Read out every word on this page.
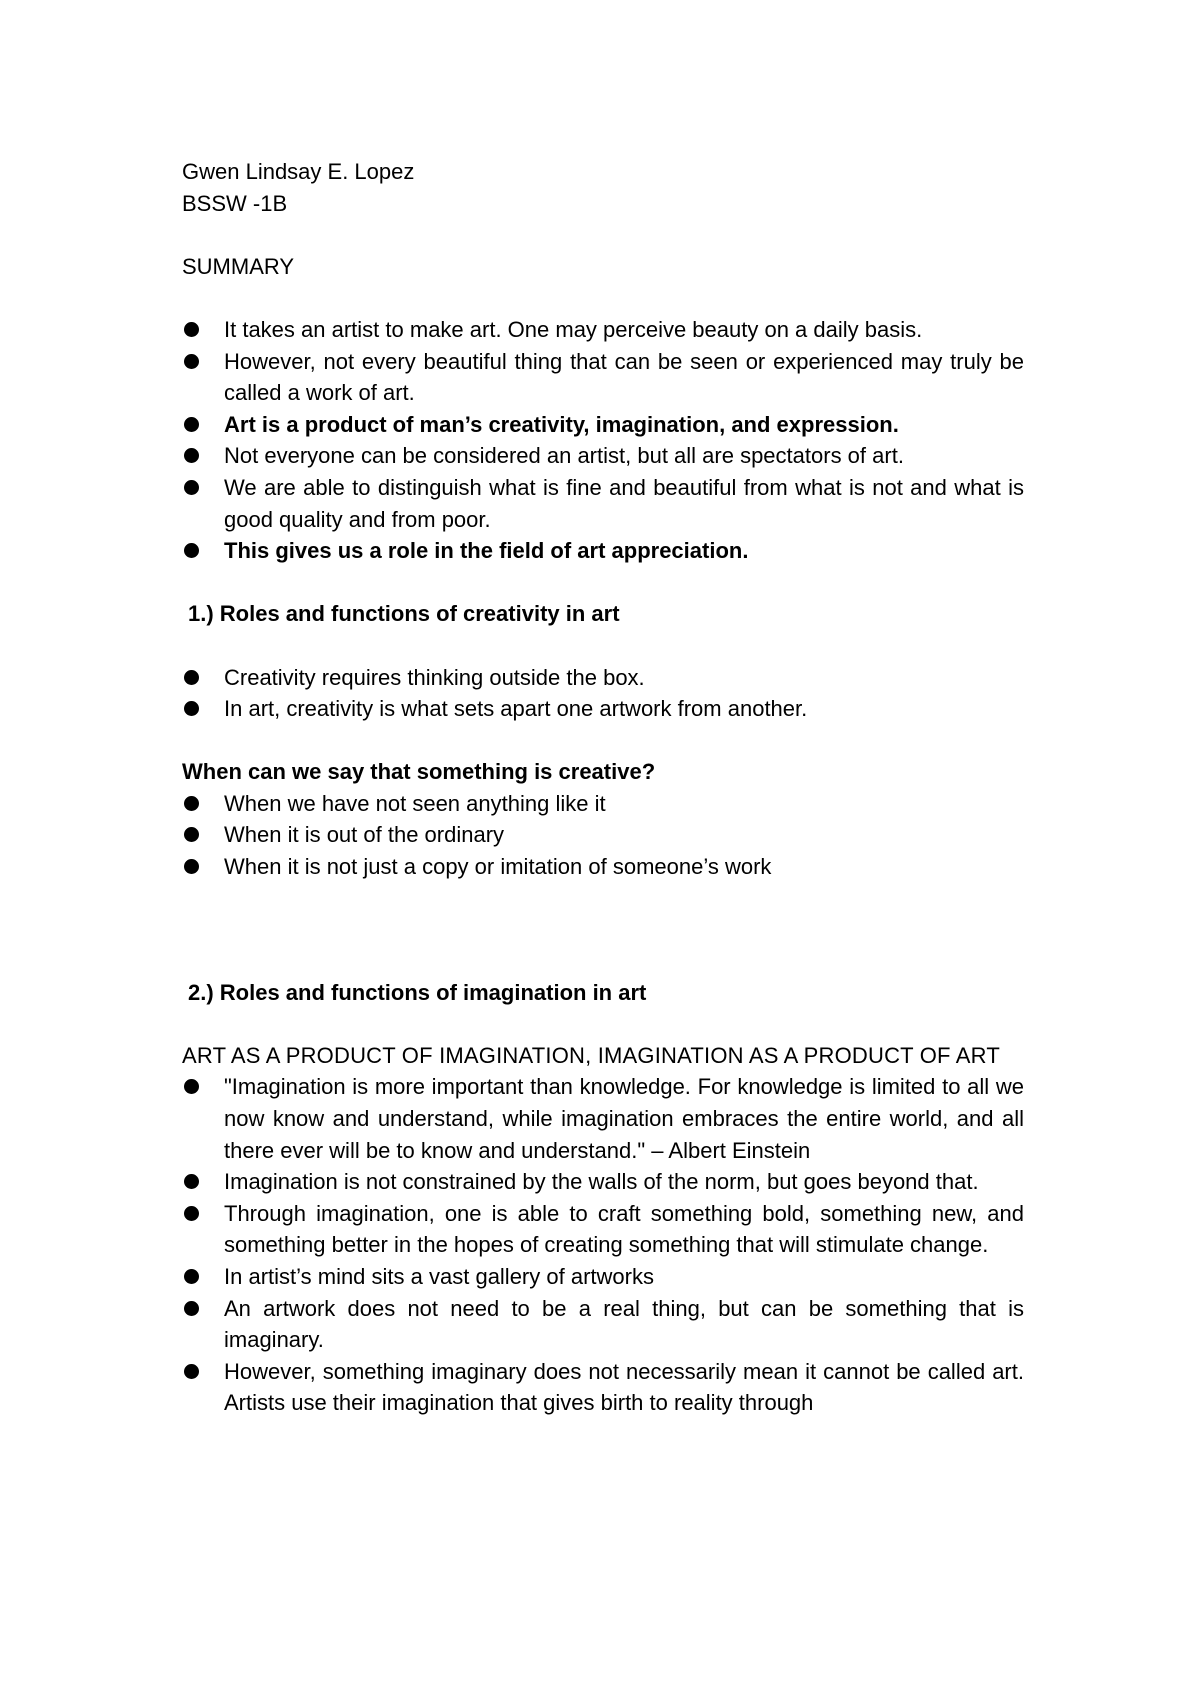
Gwen Lindsay E. Lopez

BSSW -1B

SUMMARY

It takes an artist to make art. One may perceive beauty on a daily basis.
However, not every beautiful thing that can be seen or experienced may truly be called a work of art.
Art is a product of man’s creativity, imagination, and expression.
Not everyone can be considered an artist, but all are spectators of art.
We are able to distinguish what is fine and beautiful from what is not and what is good quality and from poor.
This gives us a role in the field of art appreciation.

1.) Roles and functions of creativity in art

Creativity requires thinking outside the box.
In art, creativity is what sets apart one artwork from another.

When can we say that something is creative?

When we have not seen anything like it
When it is out of the ordinary
When it is not just a copy or imitation of someone’s work

2.) Roles and functions of imagination in art

ART AS A PRODUCT OF IMAGINATION, IMAGINATION AS A PRODUCT OF ART

"Imagination is more important than knowledge. For knowledge is limited to all we now know and understand, while imagination embraces the entire world, and all there ever will be to know and understand." – Albert Einstein
Imagination is not constrained by the walls of the norm, but goes beyond that.
Through imagination, one is able to craft something bold, something new, and something better in the hopes of creating something that will stimulate change.
In artist’s mind sits a vast gallery of artworks
An artwork does not need to be a real thing, but can be something that is imaginary.
However, something imaginary does not necessarily mean it cannot be called art. Artists use their imagination that gives birth to reality through
